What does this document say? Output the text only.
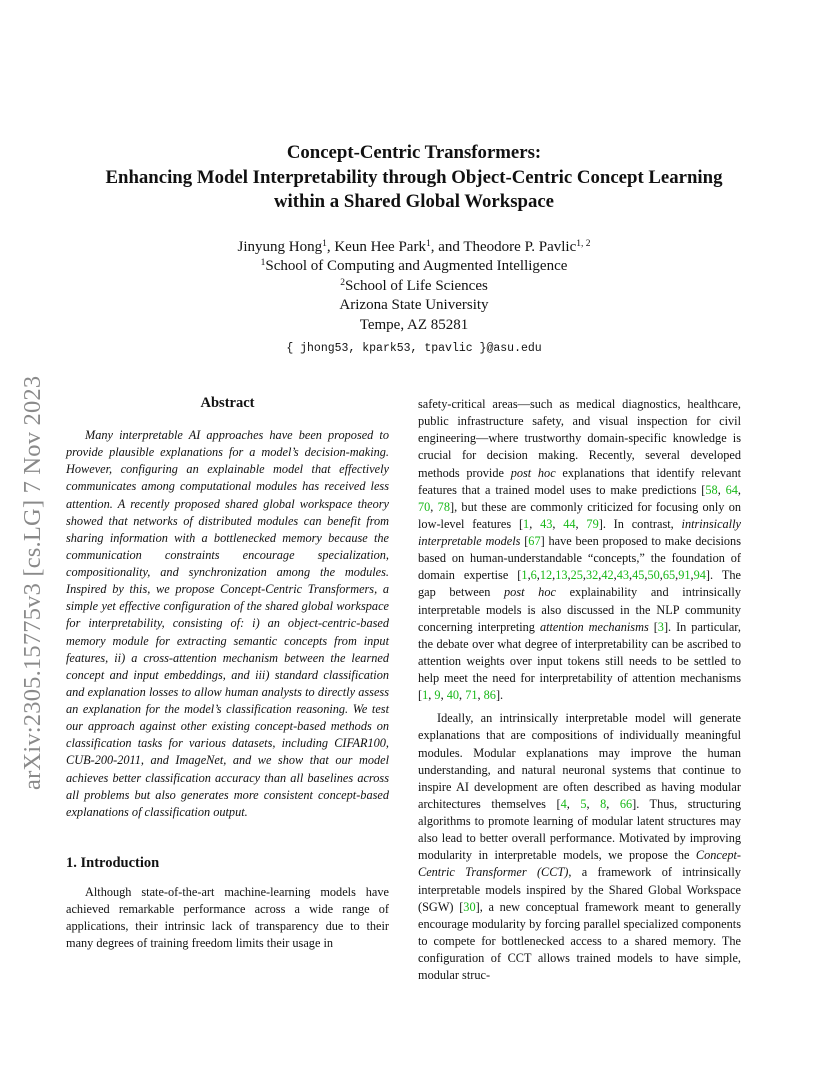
arXiv:2305.15775v3 [cs.LG] 7 Nov 2023
Concept-Centric Transformers:
Enhancing Model Interpretability through Object-Centric Concept Learning
within a Shared Global Workspace
Jinyung Hong$^1$, Keun Hee Park$^1$, and Theodore P. Pavlic$^{1, 2}$
$^1$School of Computing and Augmented Intelligence
$^2$School of Life Sciences
Arizona State University
Tempe, AZ 85281
{ jhong53, kpark53, tpavlic }@asu.edu
Abstract

Many interpretable AI approaches have been proposed to provide plausible explanations for a model’s decision-making. However, configuring an explainable model that effectively communicates among computational modules has received less attention. A recently proposed shared global workspace theory showed that networks of distributed modules can benefit from sharing information with a bottlenecked memory because the communication constraints encourage specialization, compositionality, and synchronization among the modules. Inspired by this, we propose Concept-Centric Transformers, a simple yet effective configuration of the shared global workspace for interpretability, consisting of: i) an object-centric-based memory module for extracting semantic concepts from input features, ii) a cross-attention mechanism between the learned concept and input embeddings, and iii) standard classification and explanation losses to allow human analysts to directly assess an explanation for the model’s classification reasoning. We test our approach against other existing concept-based methods on classification tasks for various datasets, including CIFAR100, CUB-200-2011, and ImageNet, and we show that our model achieves better classification accuracy than all baselines across all problems but also generates more consistent concept-based explanations of classification output.

1. Introduction

Although state-of-the-art machine-learning models have achieved remarkable performance across a wide range of applications, their intrinsic lack of transparency due to their many degrees of training freedom limits their usage in

safety-critical areas—such as medical diagnostics, healthcare, public infrastructure safety, and visual inspection for civil engineering—where trustworthy domain-specific knowledge is crucial for decision making. Recently, several developed methods provide post hoc explanations that identify relevant features that a trained model uses to make predictions [58, 64, 70, 78], but these are commonly criticized for focusing only on low-level features [1, 43, 44, 79]. In contrast, intrinsically interpretable models [67] have been proposed to make decisions based on human-understandable “concepts,” the foundation of domain expertise [1,6,12,13,25,32,42,43,45,50,65,91,94]. The gap between post hoc explainability and intrinsically interpretable models is also discussed in the NLP community concerning interpreting attention mechanisms [3]. In particular, the debate over what degree of interpretability can be ascribed to attention weights over input tokens still needs to be settled to help meet the need for interpretability of attention mechanisms [1, 9, 40, 71, 86].

Ideally, an intrinsically interpretable model will generate explanations that are compositions of individually meaningful modules. Modular explanations may improve the human understanding, and natural neuronal systems that continue to inspire AI development are often described as having modular architectures themselves [4, 5, 8, 66]. Thus, structuring algorithms to promote learning of modular latent structures may also lead to better overall performance. Motivated by improving modularity in interpretable models, we propose the Concept-Centric Transformer (CCT), a framework of intrinsically interpretable models inspired by the Shared Global Workspace (SGW) [30], a new conceptual framework meant to generally encourage modularity by forcing parallel specialized components to compete for bottlenecked access to a shared memory. The configuration of CCT allows trained models to have simple, modular struc-
